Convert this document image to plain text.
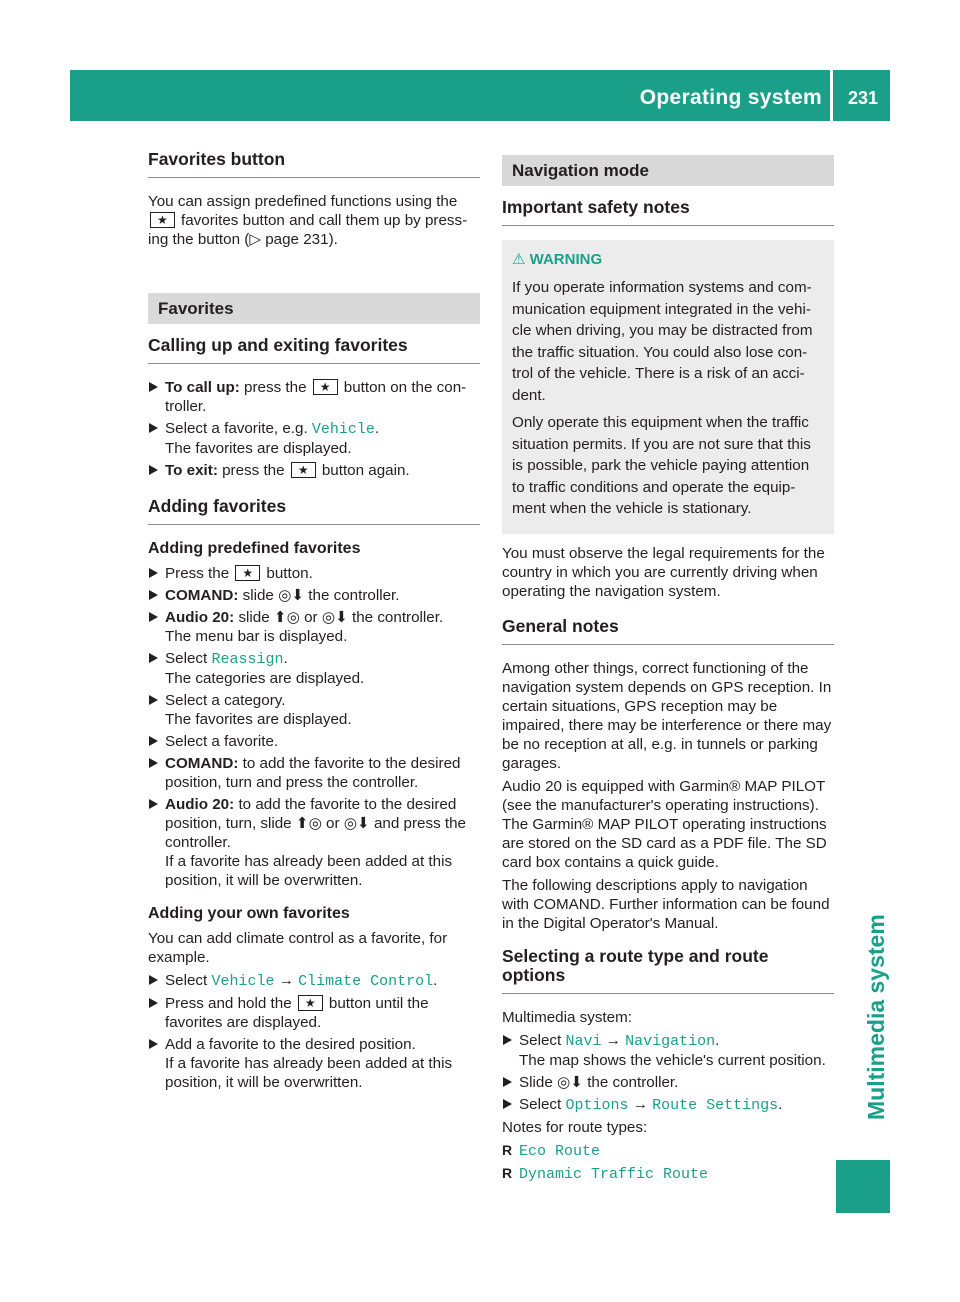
Operating system 231
Multimedia system
Favorites button

You can assign predefined functions using the
★ favorites button and call them up by press-
ing the button (▷ page 231).

Favorites
Calling up and exiting favorites
To call up: press the ★ button on the con-troller.
Select a favorite, e.g. Vehicle.
The favorites are displayed.
To exit: press the ★ button again.
Adding favorites
Adding predefined favorites
Press the ★ button.
COMAND: slide ◎⬇ the controller.
Audio 20: slide ⬆◎ or ◎⬇ the controller.
The menu bar is displayed.
Select Reassign.
The categories are displayed.
Select a category.
The favorites are displayed.
Select a favorite.
COMAND: to add the favorite to the desired position, turn and press the controller.
Audio 20: to add the favorite to the desired position, turn, slide ⬆◎ or ◎⬇ and press the controller.
If a favorite has already been added at this position, it will be overwritten.
Adding your own favorites

You can add climate control as a favorite, for example.

Select Vehicle → Climate Control.
Press and hold the ★ button until the favorites are displayed.
Add a favorite to the desired position.
If a favorite has already been added at this position, it will be overwritten.
Navigation mode
Important safety notes
⚠ WARNING

If you operate information systems and com-munication equipment integrated in the vehi-cle when driving, you may be distracted from the traffic situation. You could also lose con-trol of the vehicle. There is a risk of an acci-dent.

Only operate this equipment when the traffic situation permits. If you are not sure that this is possible, park the vehicle paying attention to traffic conditions and operate the equip-ment when the vehicle is stationary.

You must observe the legal requirements for the country in which you are currently driving when operating the navigation system.

General notes

Among other things, correct functioning of the navigation system depends on GPS reception. In certain situations, GPS reception may be impaired, there may be interference or there may be no reception at all, e.g. in tunnels or parking garages.

Audio 20 is equipped with Garmin® MAP PILOT (see the manufacturer's operating instructions). The Garmin® MAP PILOT operating instructions are stored on the SD card as a PDF file. The SD card box contains a quick guide.

The following descriptions apply to navigation with COMAND. Further information can be found in the Digital Operator's Manual.

Selecting a route type and route options

Multimedia system:

Select Navi → Navigation.
The map shows the vehicle's current position.
Slide ◎⬇ the controller.
Select Options → Route Settings.

Notes for route types:

R Eco Route
R Dynamic Traffic Route
